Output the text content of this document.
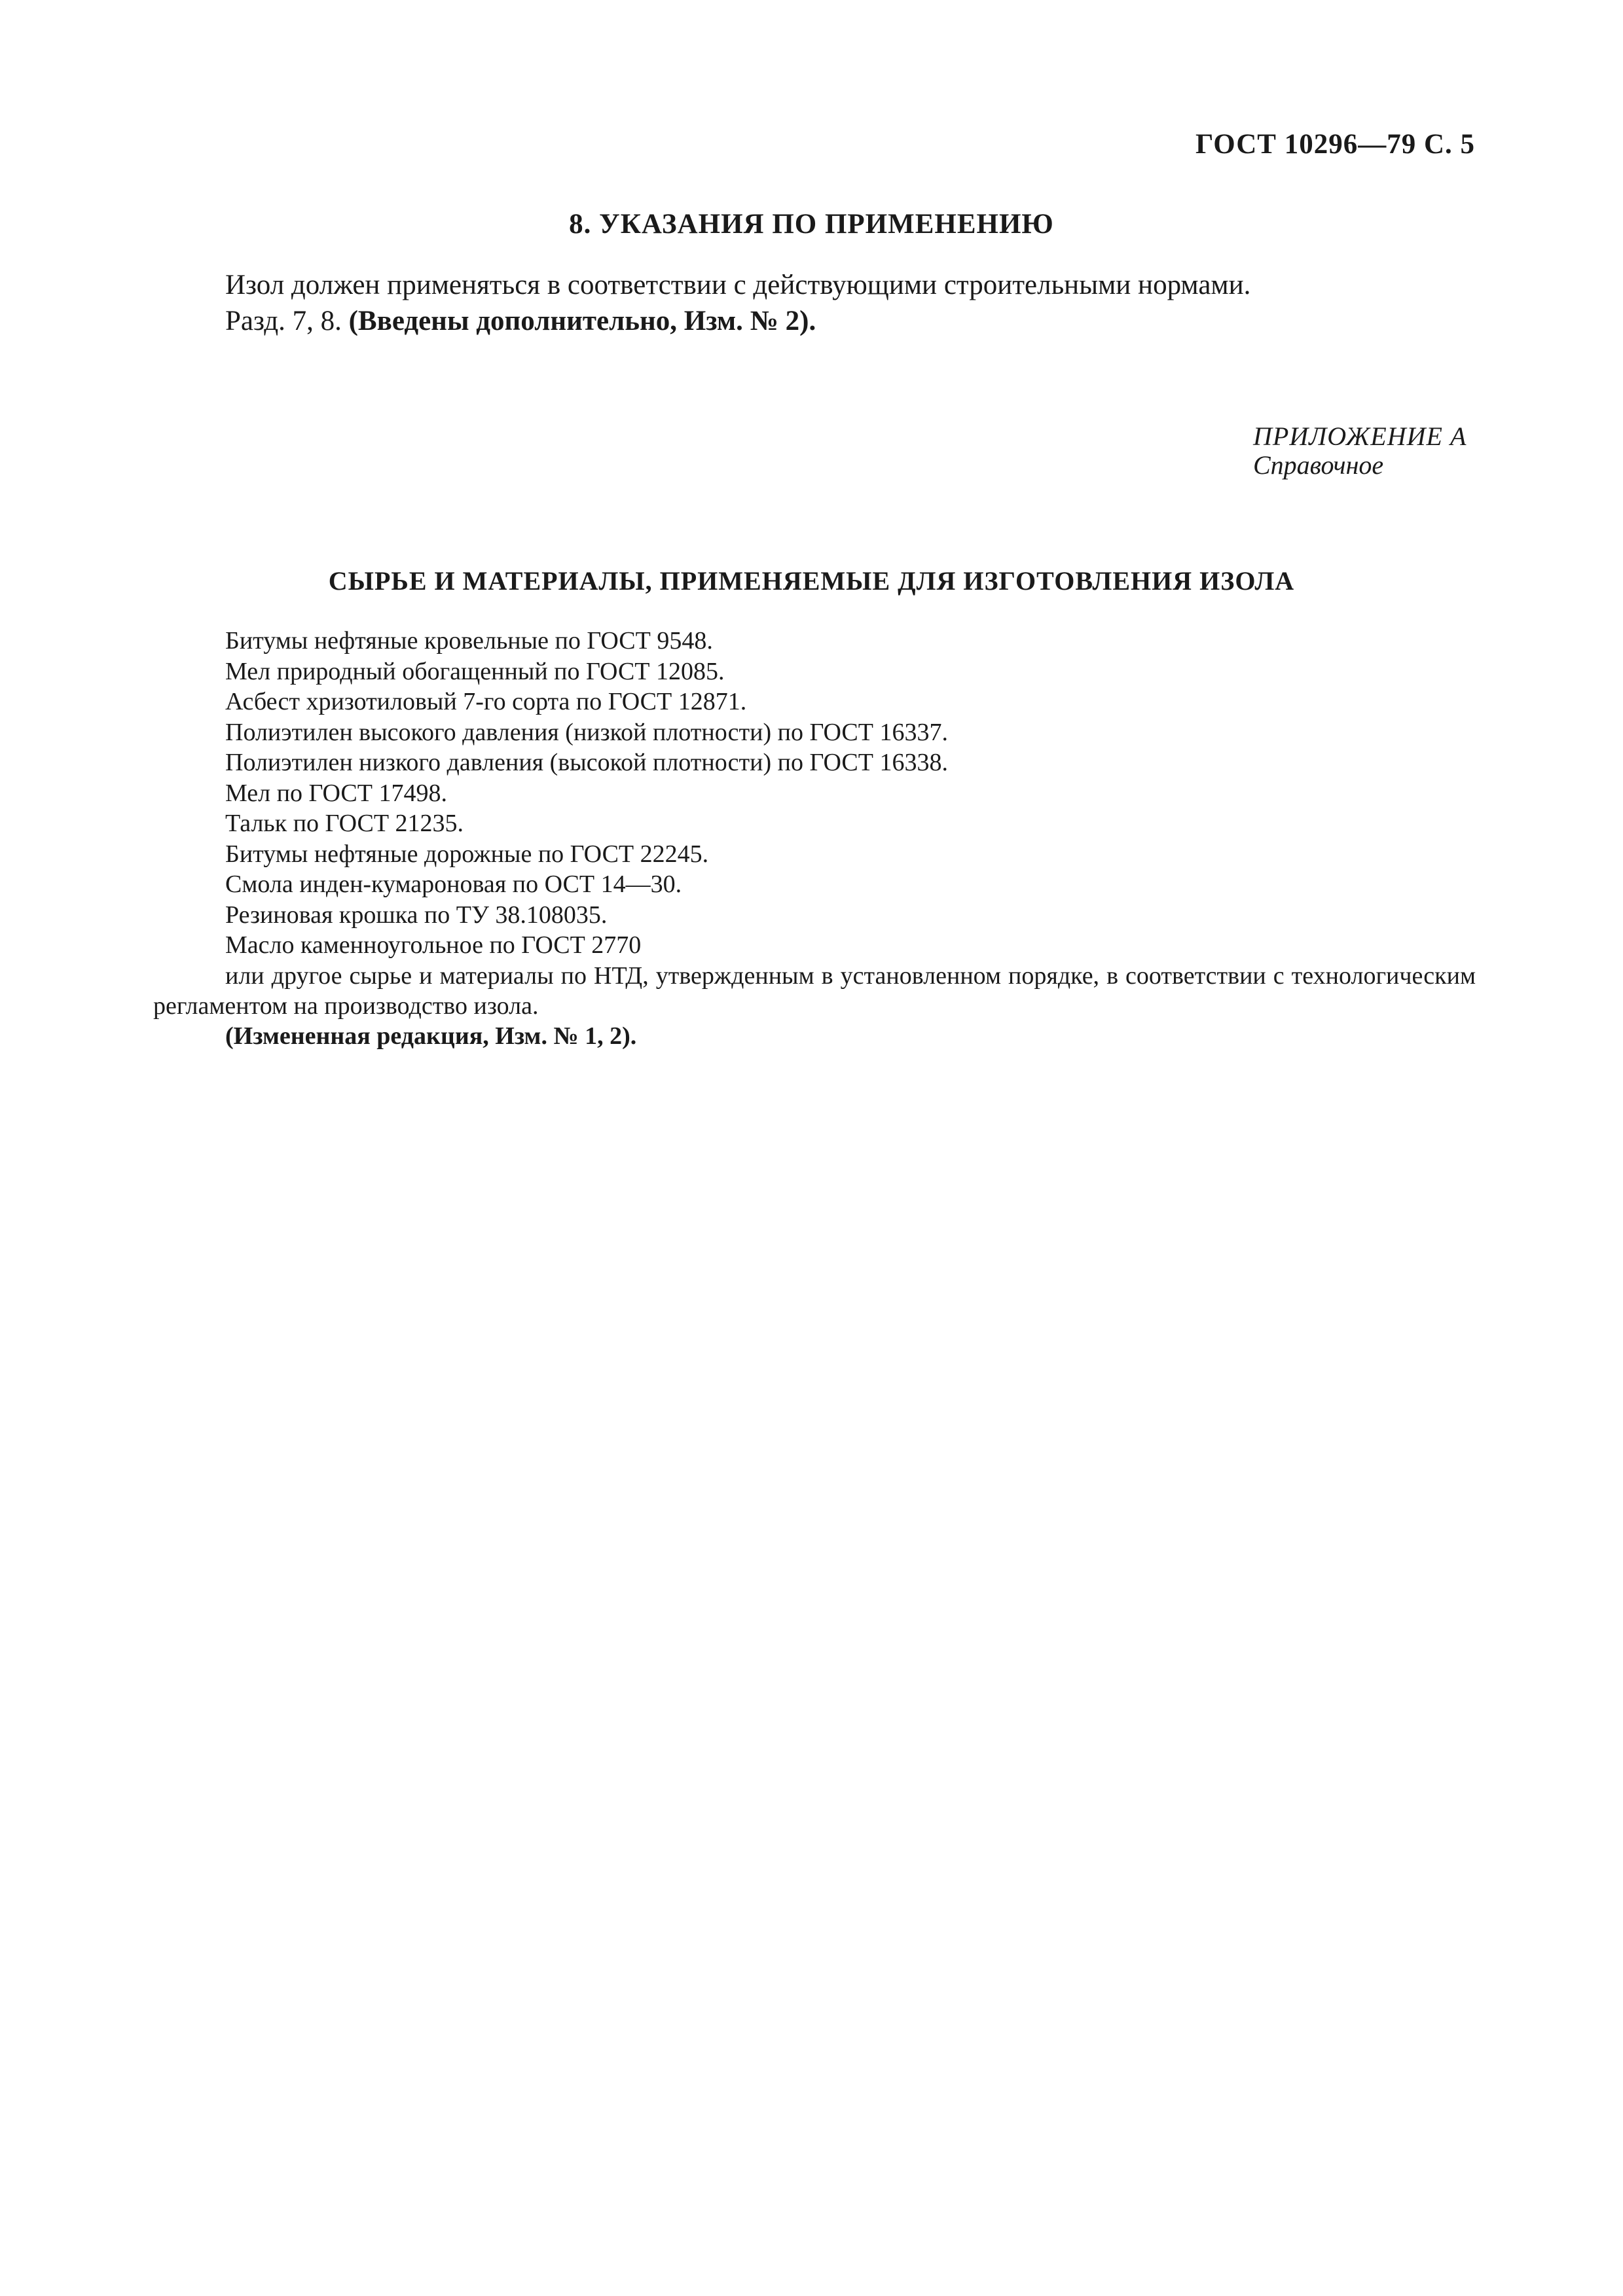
ГОСТ 10296—79 С. 5
8. УКАЗАНИЯ ПО ПРИМЕНЕНИЮ
Изол должен применяться в соответствии с действующими строительными нормами.
Разд. 7, 8. (Введены дополнительно, Изм. № 2).
ПРИЛОЖЕНИЕ А
Справочное
СЫРЬЕ И МАТЕРИАЛЫ, ПРИМЕНЯЕМЫЕ ДЛЯ ИЗГОТОВЛЕНИЯ ИЗОЛА
Битумы нефтяные кровельные по ГОСТ 9548.
Мел природный обогащенный по ГОСТ 12085.
Асбест хризотиловый 7-го сорта по ГОСТ 12871.
Полиэтилен высокого давления (низкой плотности) по ГОСТ 16337.
Полиэтилен низкого давления (высокой плотности) по ГОСТ 16338.
Мел по ГОСТ 17498.
Тальк по ГОСТ 21235.
Битумы нефтяные дорожные по ГОСТ 22245.
Смола инден-кумароновая по ОСТ 14—30.
Резиновая крошка по ТУ 38.108035.
Масло каменноугольное по ГОСТ 2770

или другое сырье и материалы по НТД, утвержденным в установленном порядке, в соответствии с технологическим регламентом на производство изола.

(Измененная редакция, Изм. № 1, 2).
